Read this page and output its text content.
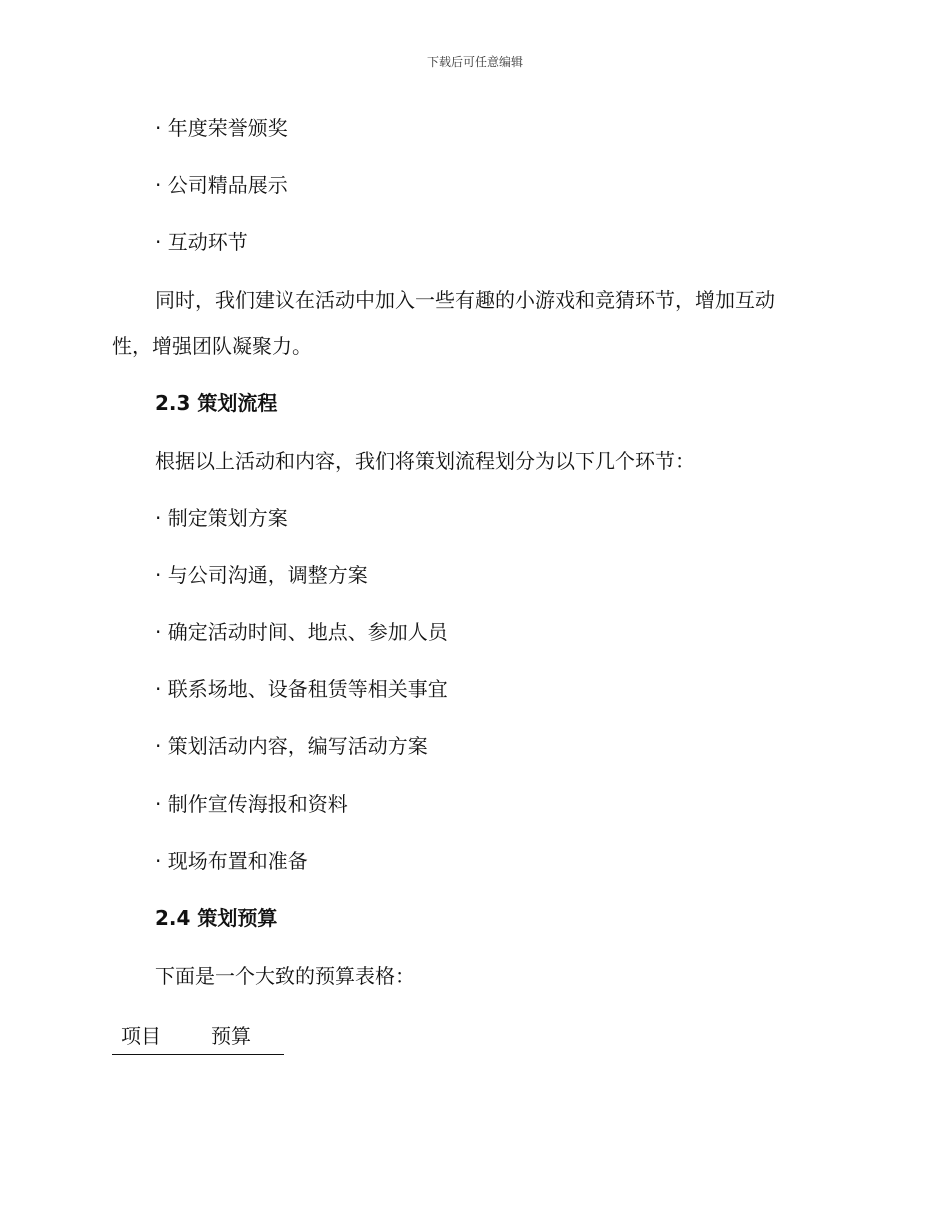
下载后可任意编辑
· 年度荣誉颁奖
· 公司精品展示
· 互动环节
同时，我们建议在活动中加入一些有趣的小游戏和竞猜环节，增加互动
性，增强团队凝聚力。
2.3 策划流程
根据以上活动和内容，我们将策划流程划分为以下几个环节：
· 制定策划方案
· 与公司沟通，调整方案
· 确定活动时间、地点、参加人员
· 联系场地、设备租赁等相关事宜
· 策划活动内容，编写活动方案
· 制作宣传海报和资料
· 现场布置和准备
2.4 策划预算
下面是一个大致的预算表格：
项目	预算
